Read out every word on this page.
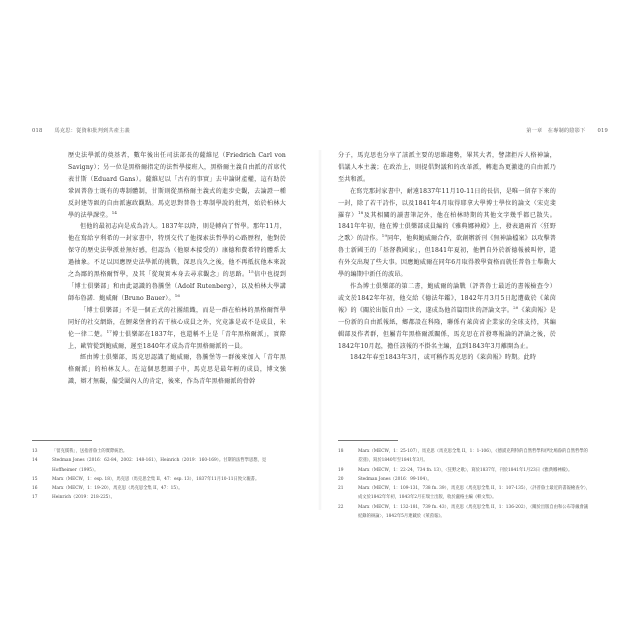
018 馬克思：從資和批判到共產主義

歷史法學派的奠基者，數年後出任司法部長的薩維尼（Friedrich Carl von Savigny）；另一位是黑格爾指定的法哲學接班人，黑格爾主義自由派的首席代表甘斯（Eduard Gans）。薩維尼以「古有的事實」去申論財產權，這有助於鞏固普魯士既有的專制體制，甘斯則從黑格爾主義式的進步史觀，去論證一種反封建等級的自由派憲政觀點。馬克思對普魯士專制學說的批判，始於柏林大學的法學課堂。$^{14}$

但他的最初志向是成為詩人。1837年以降，則是轉向了哲學。那年11月，他在寫給亨利希的一封家書中，特別交代了他探索法哲學的心路歷程，他對於保守的歷史法學派並無好感，但認為（他原本接受的）康德和費希特的體系太過抽象。不足以因應歷史法學派的挑戰，深思良久之後，他不再抵抗他本來說之為鄙的黑格爾哲學，及其「從現實本身去尋求觀念」的思路。$^{15}$信中也提到「博士俱樂部」和由此認識的魯騰堡（Adolf Rutenberg），以及柏林大學講師布魯諾．鮑威爾（Bruno Bauer）。$^{16}$

「博士俱樂部」不是一個正式的社團組織，而是一群在柏林的黑格爾哲學同好的社交網絡，在鯉萊堡會的若干核心成員之外，究竟誰是或不是成員，米伦一律二楚。$^{17}$博士俱樂部在1837年，也還稱不上是「青年黑格爾派」，實際上，歐管從到鮑威爾，遲至1840年才成為青年黑格爾派的一員。

經由博士俱樂部，馬克思認識了鮑威爾，魯騰堡等一群後來加入「青年黑格爾派」的柏林友人。在這個思想圈子中，馬克思是最年輕的成員，博文強識，辯才無礙，備受圍內人的肯定，後來，作為青年黑格爾派的骨幹

13	「留克儒我」，送指普魯士的實際統治。
14	Stedman Jones（2016：62-84，2002：148-161），Heinrich（2019：160-169）。甘斯的法哲學思想，見 Hoffheimer（1995）。
15	Marx（MECW，1：esp. 18），馬克思（馬克思全集 II，47：esp. 13），1837年11月10-11日致父親書。
16	Marx（MECW，1：19-20），馬克思（馬克思全集 II，47：15）。
17	Heinrich（2019：218-225）。
第一章　在專制的陰影下 019

分子，馬克思也分享了該派主要的思維趨勢，畢其大者，譬諸拒斥人格神論，倡議人本主義；在政治上，則提倡對議和的改革派，轉進為更激進的自由派乃至共和派。

在寫完那封家書中，耐遠1837年11月10-11日的長信，是唯一留存下來的一封，除了若干詩作，以及1841年4月取得耶拿大學博士學位的論文（宋克斐羅存）$^{18}$及其相關的讀書筆記外，他在柏林時期的其他文字幾乎都已散失。1841年年初，他在博士俱樂部成員編的《雅典娜神殿》上，發表過兩首〈狂野之歌〉的詩作。$^{19}$同年，他與鮑威爾合作，欲創辦新刊《無神論檔案》以攻擊普魯士新國王的「基督教國家」，但1841年夏初，他們自外於新德報被叫停，還有外交出現了些大事。因應鮑威爾在同年6月取得教學資格而就任普魯士舉動大學的編期中新任的波昂。

作為博士俱樂部的第二書，鮑威爾的論戰（評普魯士最近的書報檢查令）或文於1842年年初，他交給《德法年鑑》，1842年月3月5日起遭截於《萊茵報》的《關於出版自由》一文，遂成為他首篇問世的評論文字。$^{20}$《萊茵報》是一份新的自由派報紙，鄉都設在科隆，聯係有萊茵省企業家的全球支持，其編輯部及作者群，但屬青年黑格爾派關係，馬克思在首發專報論的評論之後，於1842年10月起，擔任該報的不掛名主編，直到1843年3月離開為止。

1842年春至1843年3月，或可稱作馬克思的《萊茵報》時期。此時

18	Marx（MECW，1：25-107），馬克思（馬克思全集 II，1：1-106），《德謨克利特的自然哲學和伊比鳩魯的自然哲學的差別》，寫於1840年至1841年3月。
19	Marx（MECW，1：22-24，734 fn. 13），〈狂野之歌〉，寫於1837年，刊於1841年1月23日《雅典娜神殿》。
20	Stedman Jones（2016：99-104）。
21	Marx（MECW，1：109-131，738 fn. 39），馬克思（馬克思全集 II，1：107-135），〈評普魯士最近的書報檢查令〉，成文於1842年年初，1843年2月在瑞士出版，收於盧格主編《軼文集》。
22	Marx（MECW，1：132-181，739 fn. 43），馬克思（馬克思全集 II，1：136-202），〈關於出版自由和公布等級會議紀錄的辯論〉，1842年5月連載於《萊茵報》。
